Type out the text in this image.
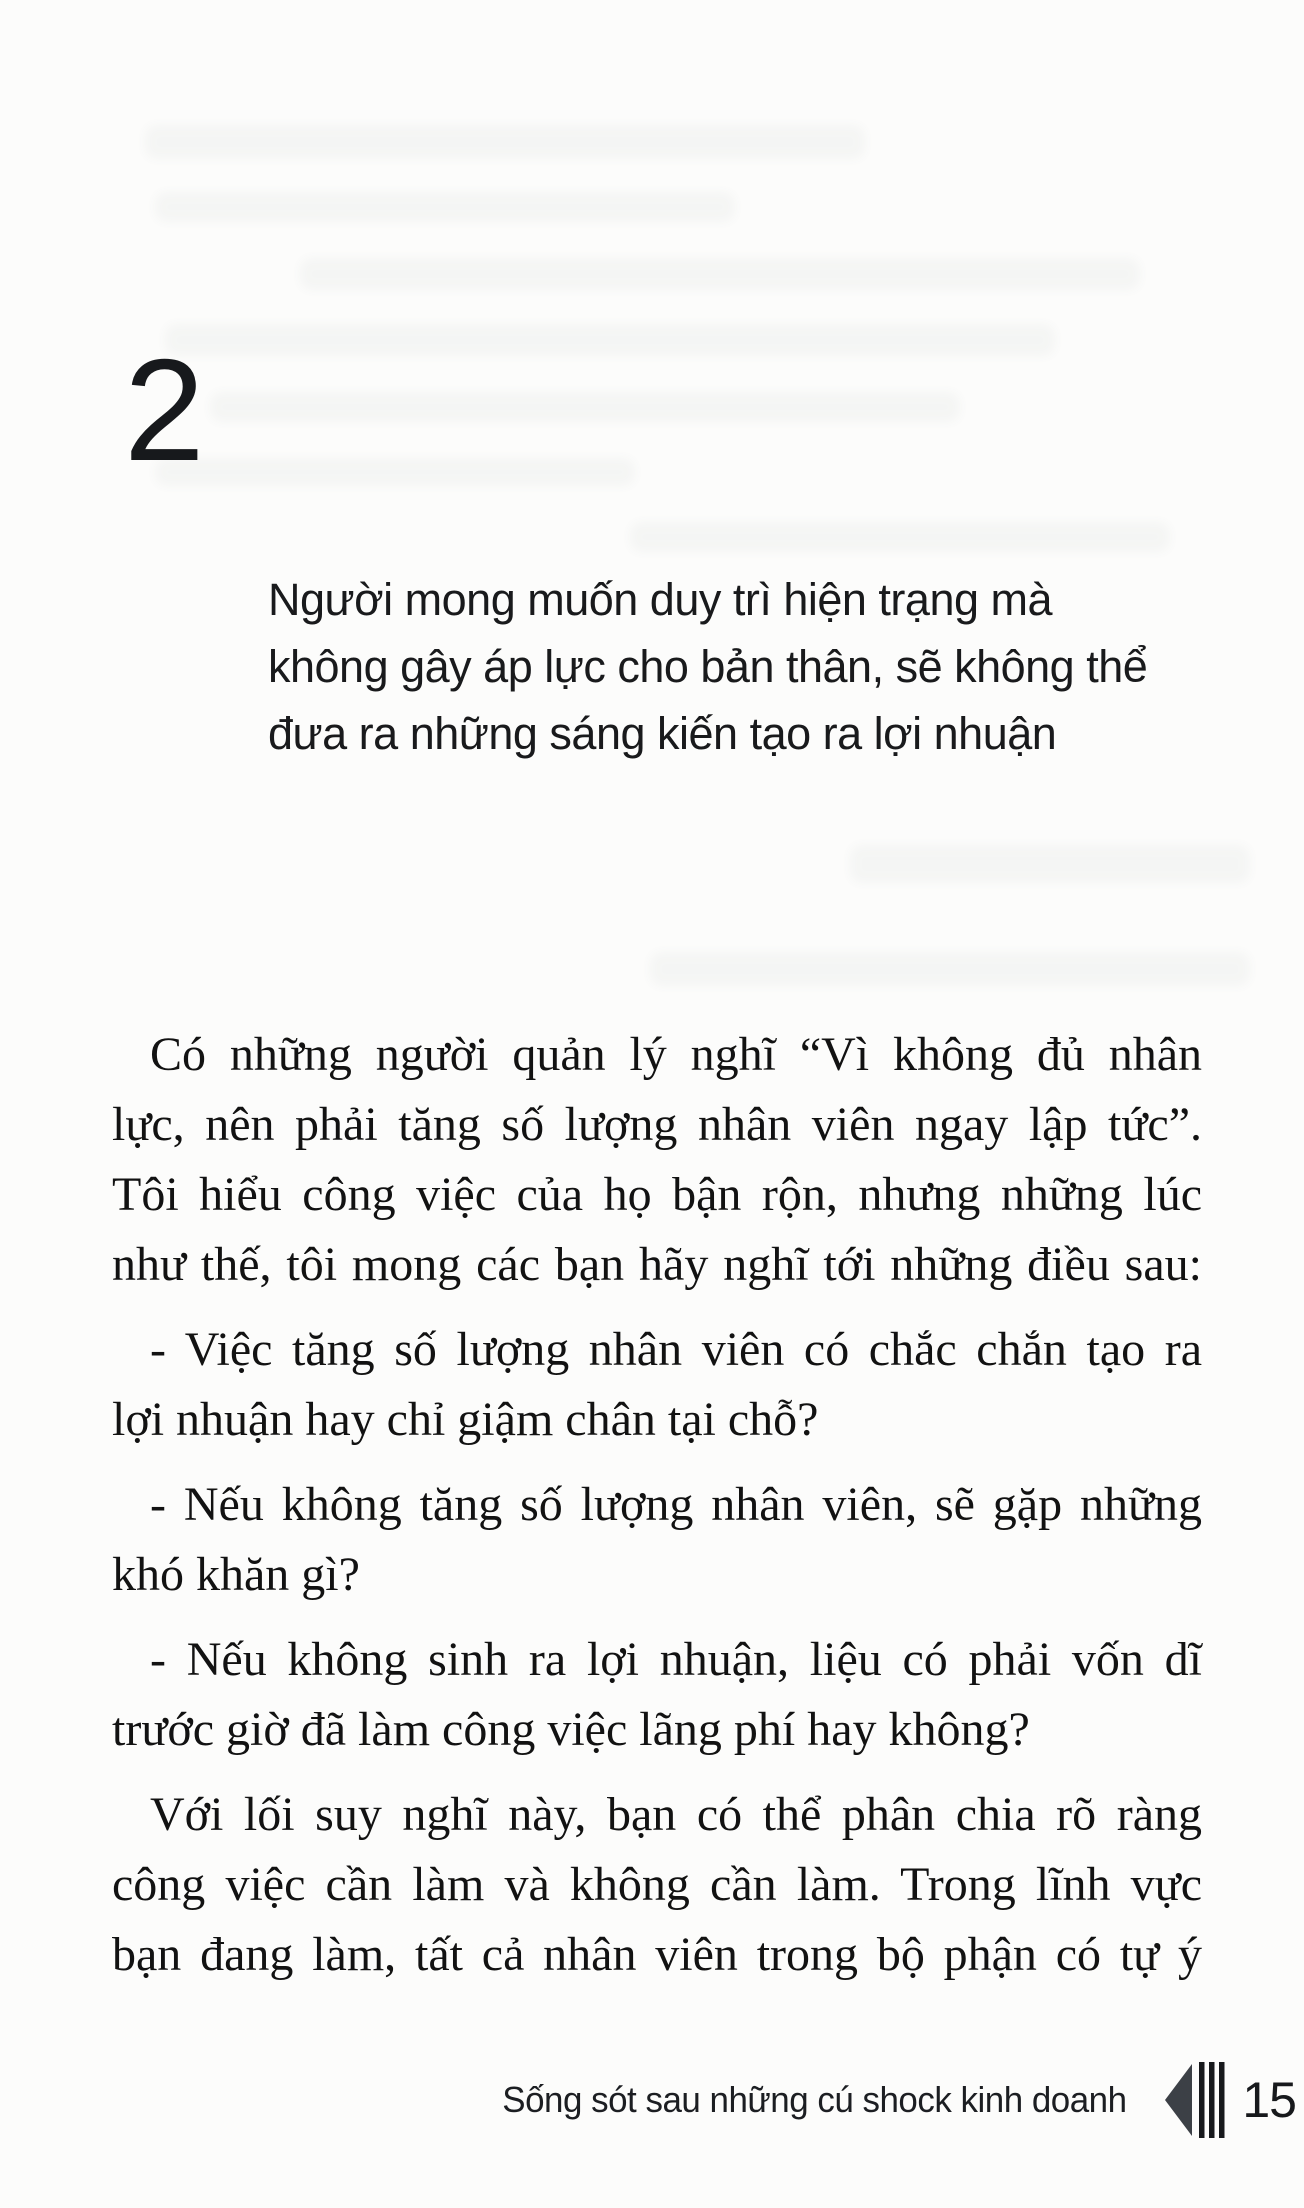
2
Người mong muốn duy trì hiện trạng mà
không gây áp lực cho bản thân, sẽ không thể
đưa ra những sáng kiến tạo ra lợi nhuận

Có những người quản lý nghĩ “Vì không đủ nhân
lực, nên phải tăng số lượng nhân viên ngay lập tức”.
Tôi hiểu công việc của họ bận rộn, nhưng những lúc
như thế, tôi mong các bạn hãy nghĩ tới những điều sau:

- Việc tăng số lượng nhân viên có chắc chắn tạo ra
lợi nhuận hay chỉ giậm chân tại chỗ?

- Nếu không tăng số lượng nhân viên, sẽ gặp những
khó khăn gì?

- Nếu không sinh ra lợi nhuận, liệu có phải vốn dĩ
trước giờ đã làm công việc lãng phí hay không?

Với lối suy nghĩ này, bạn có thể phân chia rõ ràng
công việc cần làm và không cần làm. Trong lĩnh vực
bạn đang làm, tất cả nhân viên trong bộ phận có tự ý

Sống sót sau những cú shock kinh doanh 15
